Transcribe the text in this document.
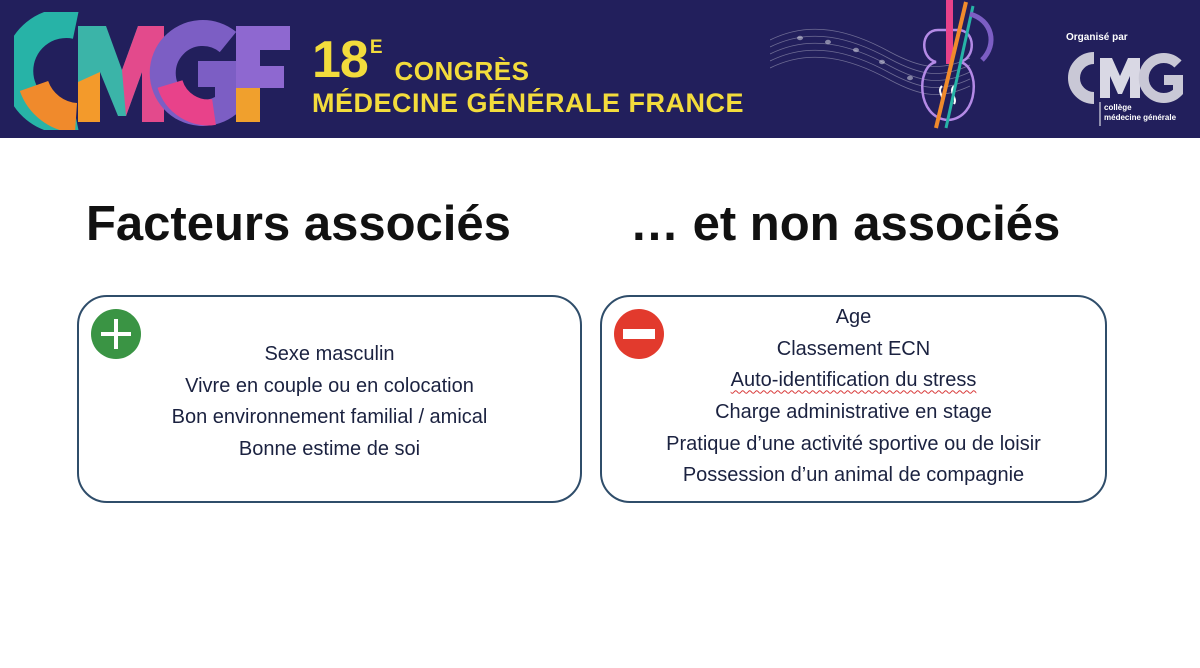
18 E
CONGRÈS
MÉDECINE GÉNÉRALE FRANCE
Organisé par
collège
médecine générale
Facteurs associés … et non associés
Sexe masculin
Vivre en couple ou en colocation
Bon environnement familial / amical
Bonne estime de soi
Age
Classement ECN
Auto-identification du stress
Charge administrative en stage
Pratique d’une activité sportive ou de loisir
Possession d’un animal de compagnie
